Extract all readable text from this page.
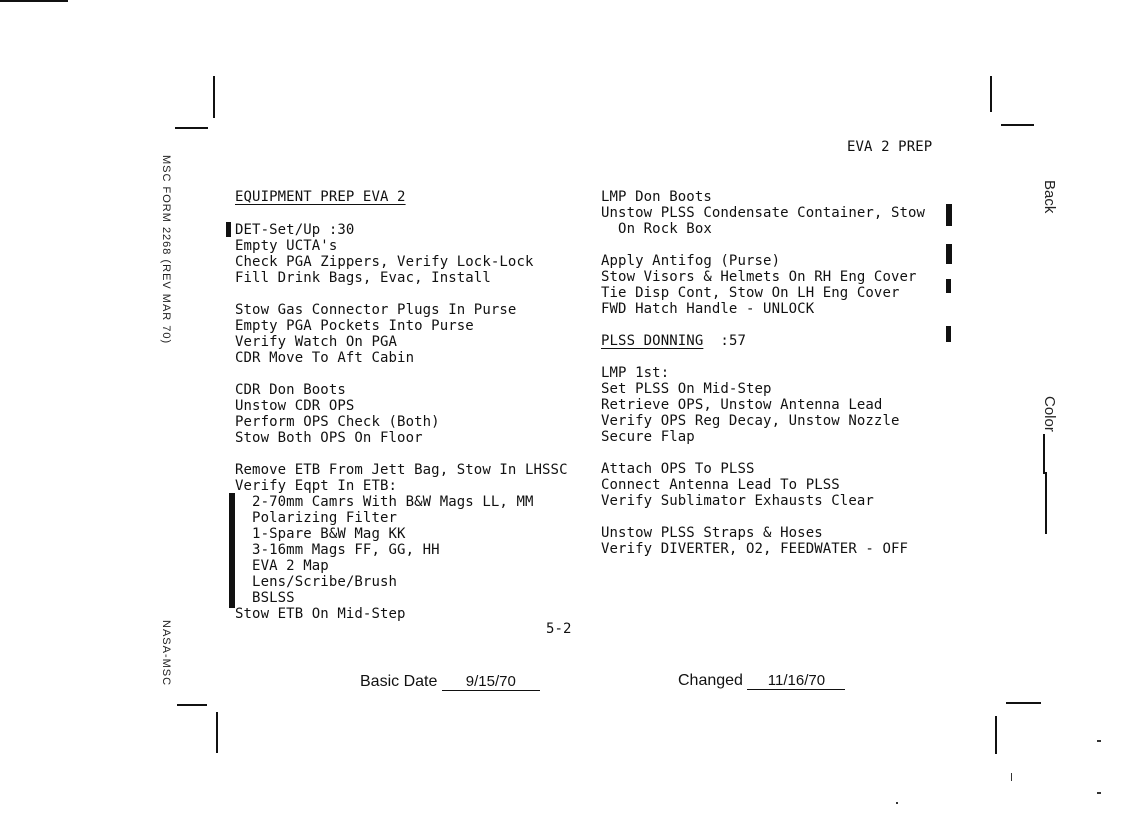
MSC FORM 2268 (REV MAR 70)
NASA-MSC
Back
Color
EVA 2 PREP
EQUIPMENT PREP EVA 2
DET-Set/Up :30
Empty UCTA's
Check PGA Zippers, Verify Lock-Lock
Fill Drink Bags, Evac, Install
Stow Gas Connector Plugs In Purse
Empty PGA Pockets Into Purse
Verify Watch On PGA
CDR Move To Aft Cabin
CDR Don Boots
Unstow CDR OPS
Perform OPS Check (Both)
Stow Both OPS On Floor
Remove ETB From Jett Bag, Stow In LHSSC
Verify Eqpt In ETB:
2-70mm Camrs With B&W Mags LL, MM
Polarizing Filter
1-Spare B&W Mag KK
3-16mm Mags FF, GG, HH
EVA 2 Map
Lens/Scribe/Brush
BSLSS
Stow ETB On Mid-Step
LMP Don Boots
Unstow PLSS Condensate Container, Stow
On Rock Box
Apply Antifog (Purse)
Stow Visors & Helmets On RH Eng Cover
Tie Disp Cont, Stow On LH Eng Cover
FWD Hatch Handle - UNLOCK
PLSS DONNING :57
LMP 1st:
Set PLSS On Mid-Step
Retrieve OPS, Unstow Antenna Lead
Verify OPS Reg Decay, Unstow Nozzle
Secure Flap
Attach OPS To PLSS
Connect Antenna Lead To PLSS
Verify Sublimator Exhausts Clear
Unstow PLSS Straps & Hoses
Verify DIVERTER, O2, FEEDWATER - OFF
5-2
Basic Date 9/15/70	Changed 11/16/70
